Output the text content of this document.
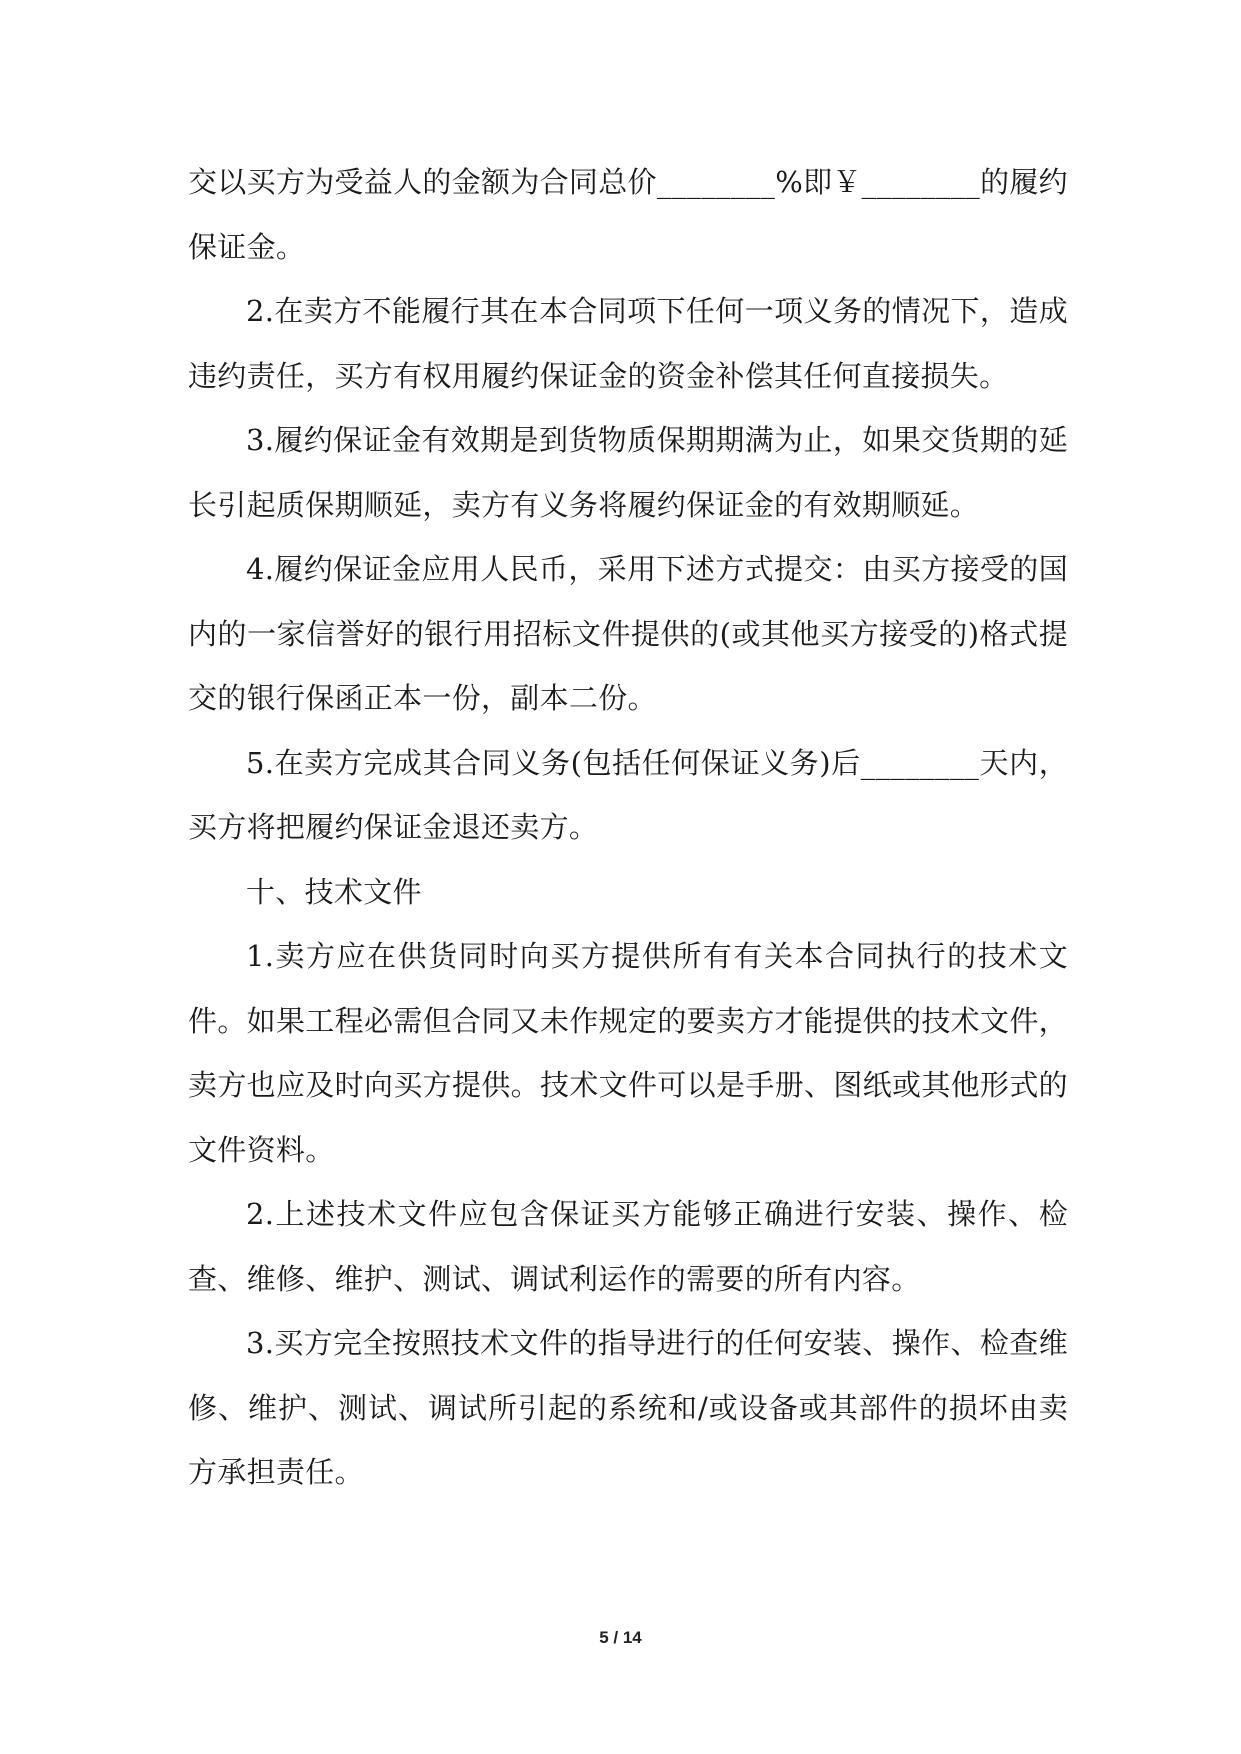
交以买方为受益人的金额为合同总价________%即￥________的履约保证金。

2.在卖方不能履行其在本合同项下任何一项义务的情况下，造成违约责任，买方有权用履约保证金的资金补偿其任何直接损失。

3.履约保证金有效期是到货物质保期期满为止，如果交货期的延长引起质保期顺延，卖方有义务将履约保证金的有效期顺延。

4.履约保证金应用人民币，采用下述方式提交：由买方接受的国内的一家信誉好的银行用招标文件提供的(或其他买方接受的)格式提交的银行保函正本一份，副本二份。

5.在卖方完成其合同义务(包括任何保证义务)后________天内，买方将把履约保证金退还卖方。

十、技术文件

1.卖方应在供货同时向买方提供所有有关本合同执行的技术文件。如果工程必需但合同又未作规定的要卖方才能提供的技术文件，卖方也应及时向买方提供。技术文件可以是手册、图纸或其他形式的文件资料。

2.上述技术文件应包含保证买方能够正确进行安装、操作、检查、维修、维护、测试、调试利运作的需要的所有内容。

3.买方完全按照技术文件的指导进行的任何安装、操作、检查维修、维护、测试、调试所引起的系统和/或设备或其部件的损坏由卖方承担责任。

5 / 14
